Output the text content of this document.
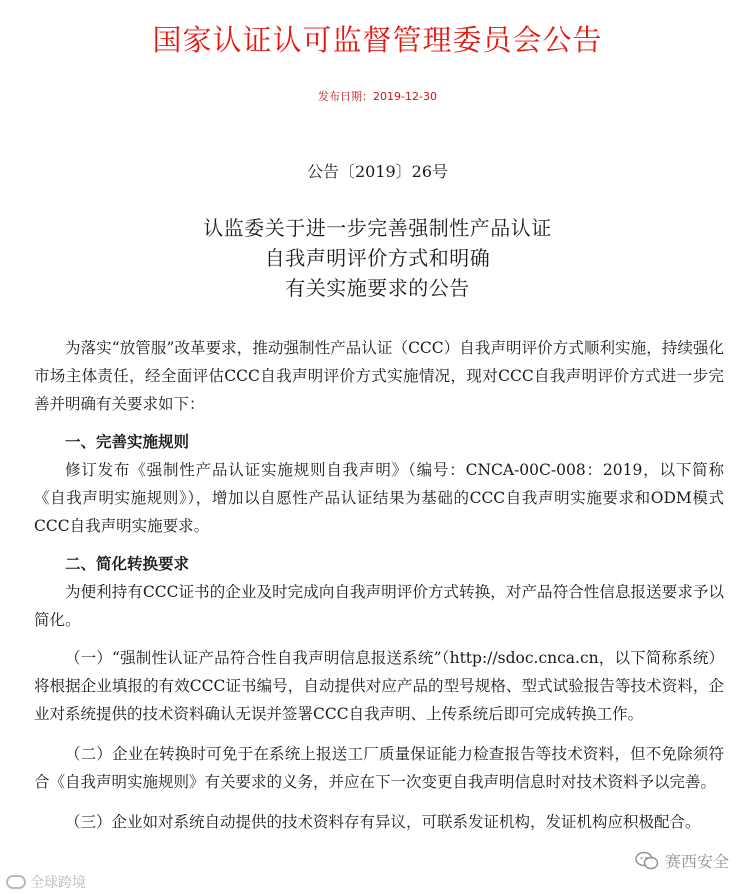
国家认证认可监督管理委员会公告
发布日期：2019-12-30
公告〔2019〕26号
认监委关于进一步完善强制性产品认证
自我声明评价方式和明确
有关实施要求的公告

为落实“放管服”改革要求，推动强制性产品认证（CCC）自我声明评价方式顺利实施，持续强化市场主体责任，经全面评估CCC自我声明评价方式实施情况，现对CCC自我声明评价方式进一步完善并明确有关要求如下：

一、完善实施规则

修订发布《强制性产品认证实施规则自我声明》（编号：CNCA-00C-008：2019，以下简称《自我声明实施规则》），增加以自愿性产品认证结果为基础的CCC自我声明实施要求和ODM模式CCC自我声明实施要求。

二、简化转换要求

为便利持有CCC证书的企业及时完成向自我声明评价方式转换，对产品符合性信息报送要求予以简化。

（一）“强制性认证产品符合性自我声明信息报送系统”（http://sdoc.cnca.cn，以下简称系统）将根据企业填报的有效CCC证书编号，自动提供对应产品的型号规格、型式试验报告等技术资料，企业对系统提供的技术资料确认无误并签署CCC自我声明、上传系统后即可完成转换工作。

（二）企业在转换时可免于在系统上报送工厂质量保证能力检查报告等技术资料，但不免除须符合《自我声明实施规则》有关要求的义务，并应在下一次变更自我声明信息时对技术资料予以完善。

（三）企业如对系统自动提供的技术资料存有异议，可联系发证机构，发证机构应积极配合。

全球跨境
赛西安全
